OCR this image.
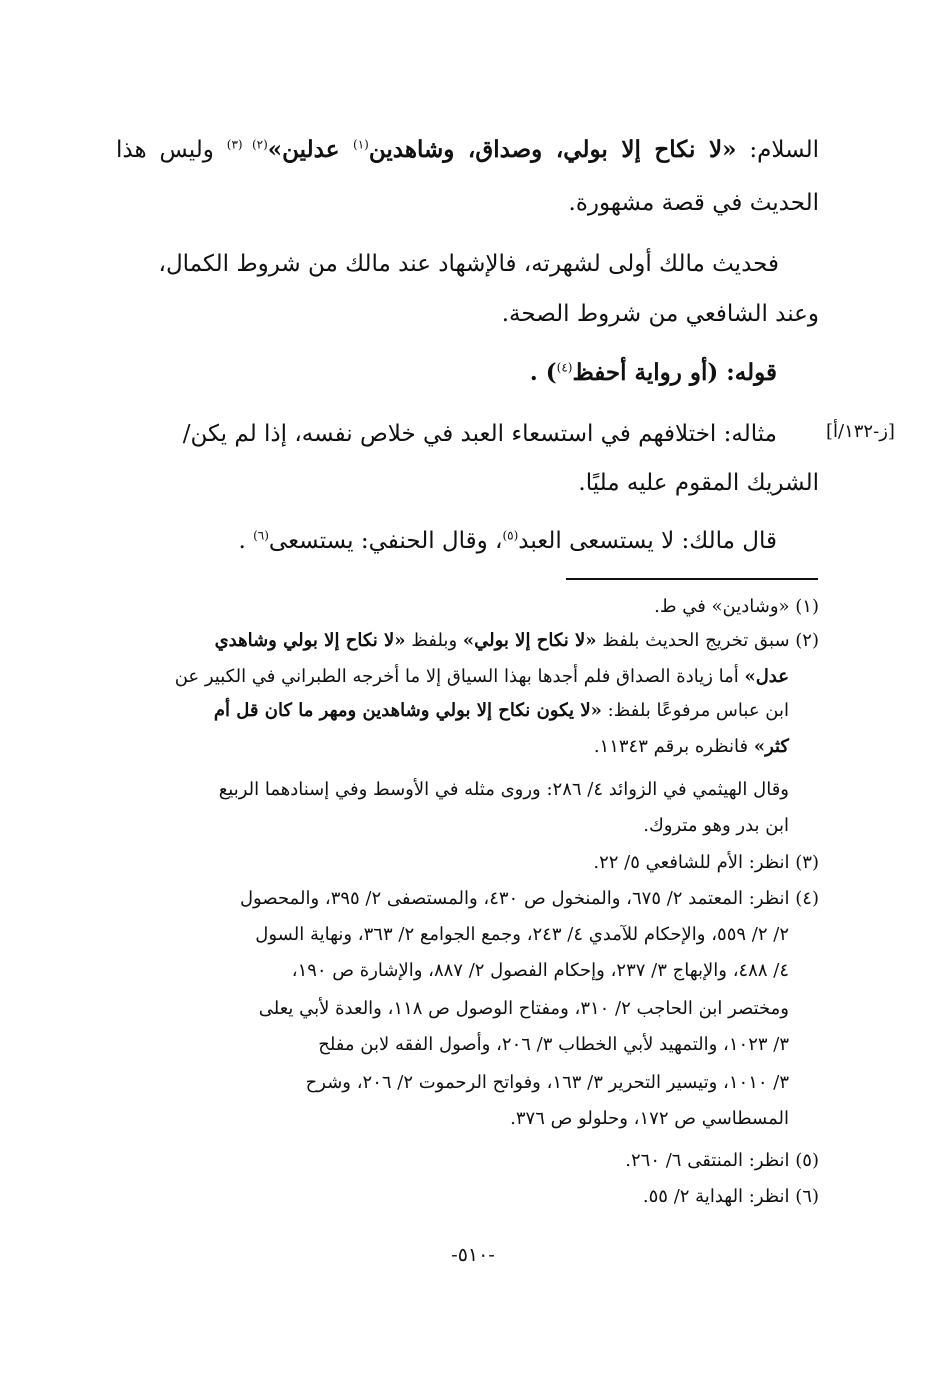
السلام: «لا نكاح إلا بولي، وصداق، وشاهدين$^{(١)}$ عدلين»$^{(٢) (٣)}$ وليس هذا
الحديث في قصة مشهورة.
فحديث مالك أولى لشهرته، فالإشهاد عند مالك من شروط الكمال،
وعند الشافعي من شروط الصحة.
قوله: (أو رواية أحفظ$^{(٤)}$) .
مثاله: اختلافهم في استسعاء العبد في خلاص نفسه، إذا لم يكن/
الشريك المقوم عليه مليًا.
قال مالك: لا يستسعى العبد$^{(٥)}$، وقال الحنفي: يستسعى$^{(٦)}$ .
[ز-١٣٢/أ]
(١) «وشادين» في ط.
(٢) سبق تخريج الحديث بلفظ «لا نكاح إلا بولي» وبلفظ «لا نكاح إلا بولي وشاهدي
عدل» أما زيادة الصداق فلم أجدها بهذا السياق إلا ما أخرجه الطبراني في الكبير عن
ابن عباس مرفوعًا بلفظ: «لا يكون نكاح إلا بولي وشاهدين ومهر ما كان قل أم
كثر» فانظره برقم ١١٣٤٣.
وقال الهيثمي في الزوائد ٤/ ٢٨٦: وروى مثله في الأوسط وفي إسنادهما الربيع
ابن بدر وهو متروك.
(٣) انظر: الأم للشافعي ٥/ ٢٢.
(٤) انظر: المعتمد ٢/ ٦٧٥، والمنخول ص ٤٣٠، والمستصفى ٢/ ٣٩٥، والمحصول
٢/ ٢/ ٥٥٩، والإحكام للآمدي ٤/ ٢٤٣، وجمع الجوامع ٢/ ٣٦٣، ونهاية السول
٤/ ٤٨٨، والإبهاج ٣/ ٢٣٧، وإحكام الفصول ٢/ ٨٨٧، والإشارة ص ١٩٠،
ومختصر ابن الحاجب ٢/ ٣١٠، ومفتاح الوصول ص ١١٨، والعدة لأبي يعلى
٣/ ١٠٢٣، والتمهيد لأبي الخطاب ٣/ ٢٠٦، وأصول الفقه لابن مفلح
٣/ ١٠١٠، وتيسير التحرير ٣/ ١٦٣، وفواتح الرحموت ٢/ ٢٠٦، وشرح
المسطاسي ص ١٧٢، وحلولو ص ٣٧٦.
(٥) انظر: المنتقى ٦/ ٢٦٠.
(٦) انظر: الهداية ٢/ ٥٥.
-٥١٠-
